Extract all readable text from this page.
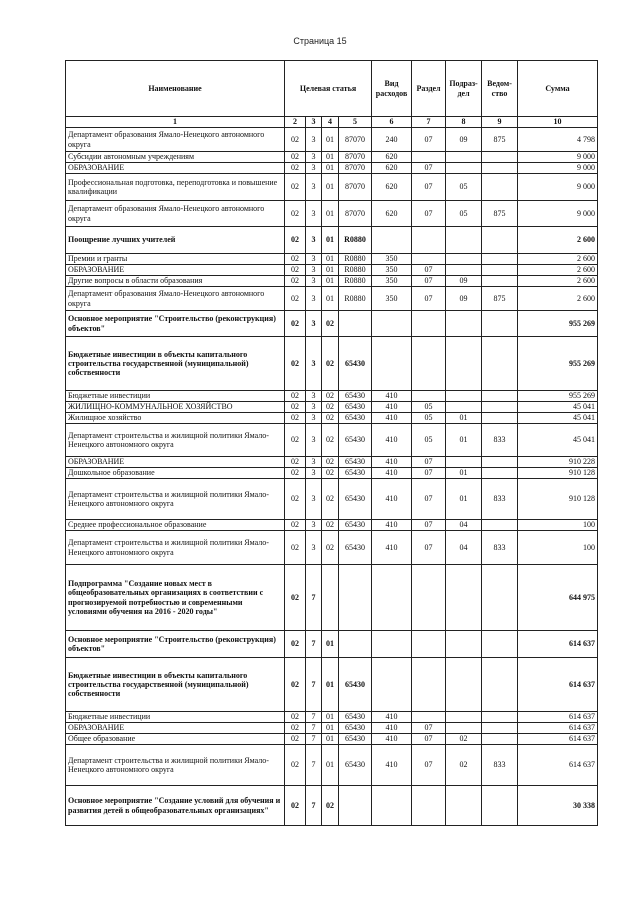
Страница 15
Наименование	Целевая статья				Вид расходов	Раздел	Подраз-дел	Ведом-ство	Сумма
1	2	3	4	5	6	7	8	9	10
Департамент образования Ямало-Ненецкого автономного округа	02	3	01	87070	240	07	09	875	4 798
Субсидии автономным учреждениям	02	3	01	87070	620				9 000
ОБРАЗОВАНИЕ	02	3	01	87070	620	07			9 000
Профессиональная подготовка, переподготовка и повышение квалификации	02	3	01	87070	620	07	05		9 000
Департамент образования Ямало-Ненецкого автономного округа	02	3	01	87070	620	07	05	875	9 000
Поощрение лучших учителей	02	3	01	R0880					2 600
Премии и гранты	02	3	01	R0880	350				2 600
ОБРАЗОВАНИЕ	02	3	01	R0880	350	07			2 600
Другие вопросы в области образования	02	3	01	R0880	350	07	09		2 600
Департамент образования Ямало-Ненецкого автономного округа	02	3	01	R0880	350	07	09	875	2 600
Основное мероприятие "Строительство (реконструкция) объектов"	02	3	02						955 269
Бюджетные инвестиции в объекты капитального строительства государственной (муниципальной) собственности	02	3	02	65430					955 269
Бюджетные инвестиции	02	3	02	65430	410				955 269
ЖИЛИЩНО-КОММУНАЛЬНОЕ ХОЗЯЙСТВО	02	3	02	65430	410	05			45 041
Жилищное хозяйство	02	3	02	65430	410	05	01		45 041
Департамент строительства и жилищной политики Ямало-Ненецкого автономного округа	02	3	02	65430	410	05	01	833	45 041
ОБРАЗОВАНИЕ	02	3	02	65430	410	07			910 228
Дошкольное образование	02	3	02	65430	410	07	01		910 128
Департамент строительства и жилищной политики Ямало-Ненецкого автономного округа	02	3	02	65430	410	07	01	833	910 128
Среднее профессиональное образование	02	3	02	65430	410	07	04		100
Департамент строительства и жилищной политики Ямало-Ненецкого автономного округа	02	3	02	65430	410	07	04	833	100
Подпрограмма "Создание новых мест в общеобразовательных организациях в соответствии с прогнозируемой потребностью и современными условиями обучения на 2016 - 2020 годы"	02	7							644 975
Основное мероприятие "Строительство (реконструкция) объектов"	02	7	01						614 637
Бюджетные инвестиции в объекты капитального строительства государственной (муниципальной) собственности	02	7	01	65430					614 637
Бюджетные инвестиции	02	7	01	65430	410				614 637
ОБРАЗОВАНИЕ	02	7	01	65430	410	07			614 637
Общее образование	02	7	01	65430	410	07	02		614 637
Департамент строительства и жилищной политики Ямало-Ненецкого автономного округа	02	7	01	65430	410	07	02	833	614 637
Основное мероприятие "Создание условий для обучения и развития детей в общеобразовательных организациях"	02	7	02						30 338
